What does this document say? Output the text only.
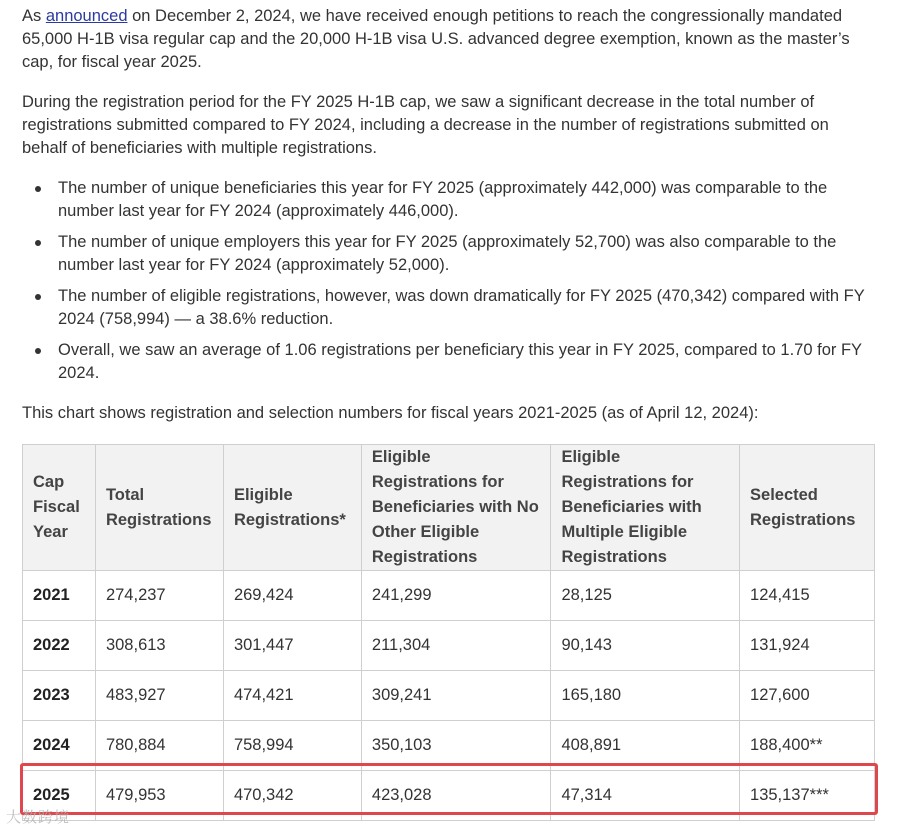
As announced on December 2, 2024, we have received enough petitions to reach the congressionally mandated 65,000 H-1B visa regular cap and the 20,000 H-1B visa U.S. advanced degree exemption, known as the master’s cap, for fiscal year 2025.

During the registration period for the FY 2025 H-1B cap, we saw a significant decrease in the total number of registrations submitted compared to FY 2024, including a decrease in the number of registrations submitted on behalf of beneficiaries with multiple registrations.

The number of unique beneficiaries this year for FY 2025 (approximately 442,000) was comparable to the number last year for FY 2024 (approximately 446,000).
The number of unique employers this year for FY 2025 (approximately 52,700) was also comparable to the number last year for FY 2024 (approximately 52,000).
The number of eligible registrations, however, was down dramatically for FY 2025 (470,342) compared with FY 2024 (758,994) — a 38.6% reduction.
Overall, we saw an average of 1.06 registrations per beneficiary this year in FY 2025, compared to 1.70 for FY 2024.

This chart shows registration and selection numbers for fiscal years 2021-2025 (as of April 12, 2024):

Cap Fiscal Year	Total Registrations	Eligible Registrations*	Eligible Registrations for Beneficiaries with No Other Eligible Registrations	Eligible Registrations for Beneficiaries with Multiple Eligible Registrations	Selected Registrations
2021	274,237	269,424	241,299	28,125	124,415
2022	308,613	301,447	211,304	90,143	131,924
2023	483,927	474,421	309,241	165,180	127,600
2024	780,884	758,994	350,103	408,891	188,400**
2025	479,953	470,342	423,028	47,314	135,137***
大数跨境
